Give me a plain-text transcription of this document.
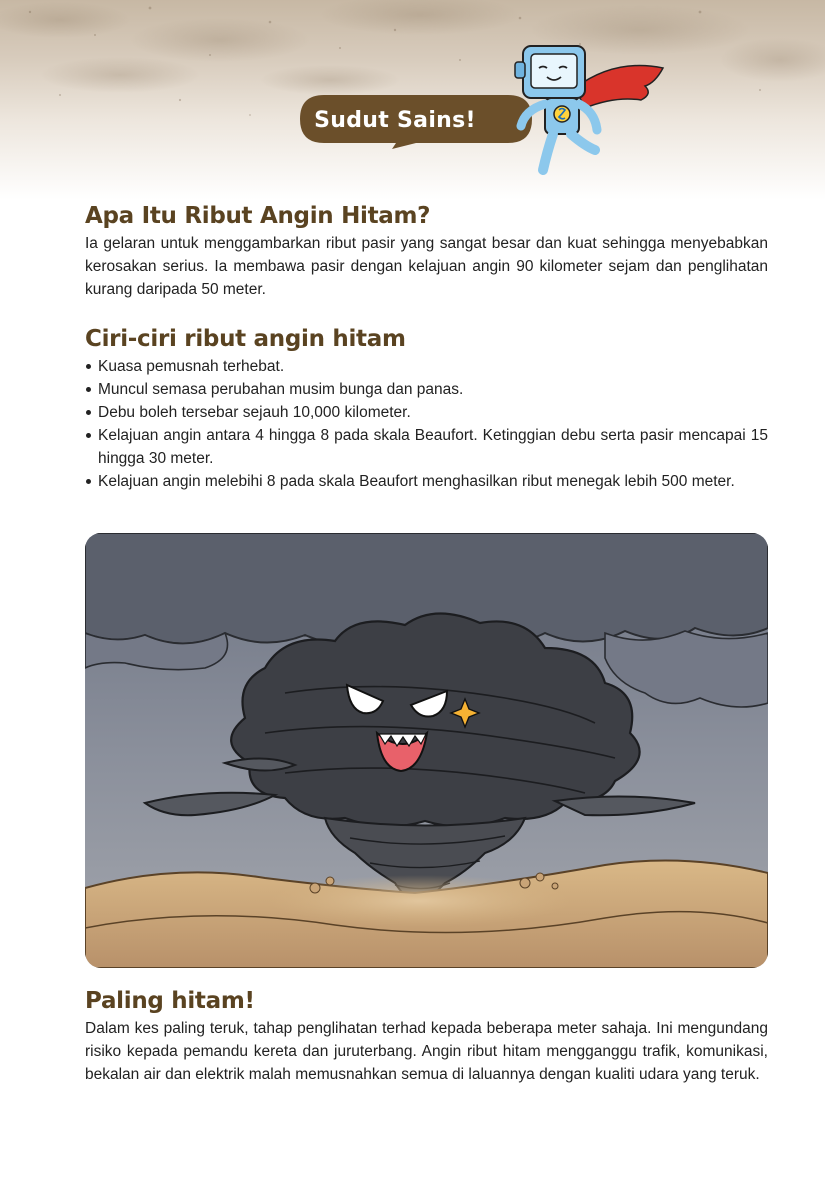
Sudut Sains!
Apa Itu Ribut Angin Hitam?

Ia gelaran untuk menggambarkan ribut pasir yang sangat besar dan kuat sehingga menyebabkan kerosakan serius. Ia membawa pasir dengan kelajuan angin 90 kilometer sejam dan penglihatan kurang daripada 50 meter.

Ciri-ciri ribut angin hitam
Kuasa pemusnah terhebat.
Muncul semasa perubahan musim bunga dan panas.
Debu boleh tersebar sejauh 10,000 kilometer.
Kelajuan angin antara 4 hingga 8 pada skala Beaufort. Ketinggian debu serta pasir mencapai 15 hingga 30 meter.
Kelajuan angin melebihi 8 pada skala Beaufort menghasilkan ribut menegak lebih 500 meter.
Paling hitam!

Dalam kes paling teruk, tahap penglihatan terhad kepada beberapa meter sahaja. Ini mengundang risiko kepada pemandu kereta dan juruterbang. Angin ribut hitam mengganggu trafik, komunikasi, bekalan air dan elektrik malah memusnahkan semua di laluannya dengan kualiti udara yang teruk.
